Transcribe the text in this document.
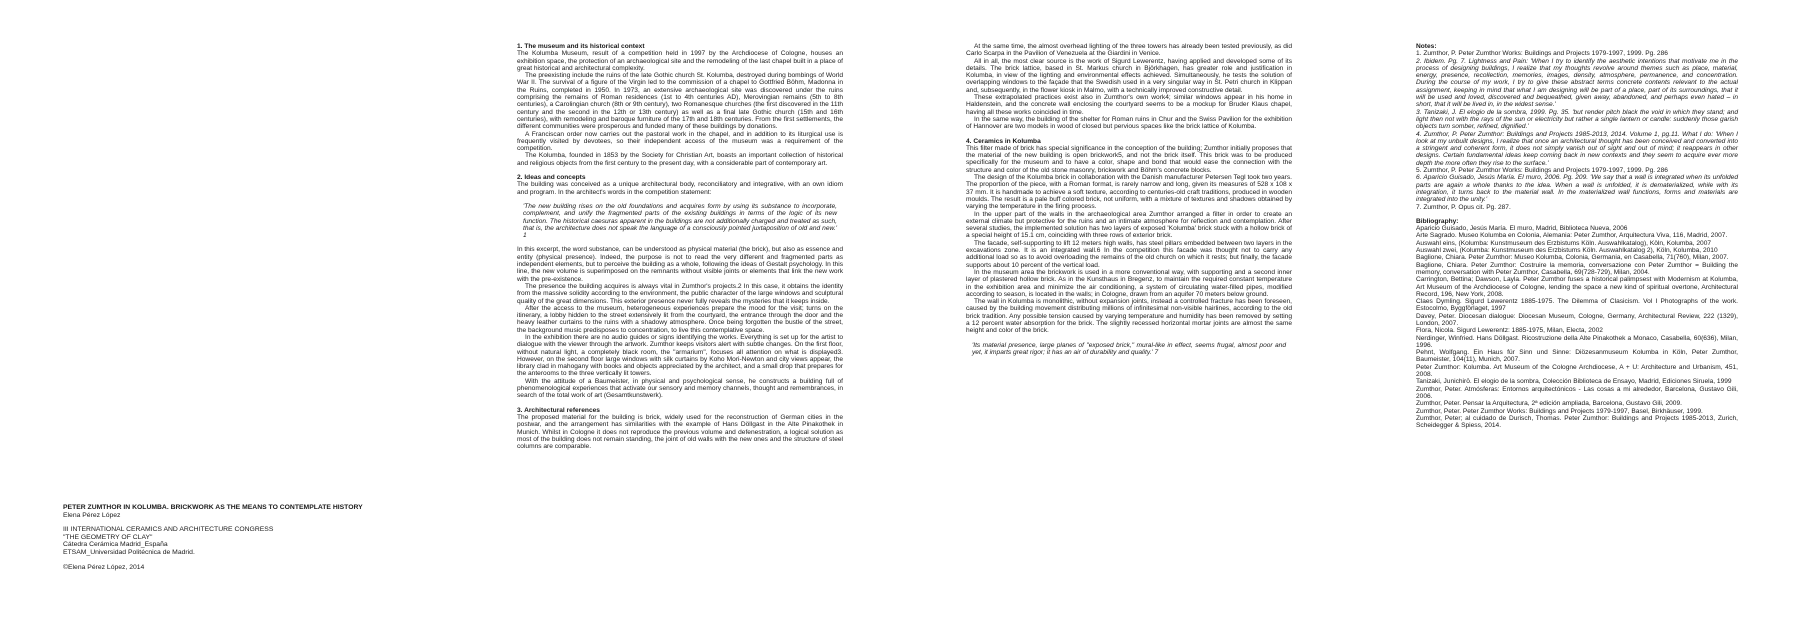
PETER ZUMTHOR IN KOLUMBA. BRICKWORK AS THE MEANS TO CONTEMPLATE HISTORY
Elena Pérez López
III INTERNATIONAL CERAMICS AND ARCHITECTURE CONGRESS
"THE GEOMETRY OF CLAY"
Cátedra Cerámica Madrid_España
ETSAM_Universidad Politécnica de Madrid.
©Elena Pérez López, 2014
1. The museum and its historical context

The Kolumba Museum, result of a competition held in 1997 by the Archdiocese of Cologne, houses an exhibition space, the protection of an archaeological site and the remodeling of the last chapel built in a place of great historical and architectural complexity.

The preexisting include the ruins of the late Gothic church St. Kolumba, destroyed during bombings of World War II. The survival of a figure of the Virgin led to the commission of a chapel to Gottfried Böhm, Madonna in the Ruins, completed in 1950. In 1973, an extensive archaeological site was discovered under the ruins comprising the remains of Roman residences (1st to 4th centuries AD), Merovingian remains (5th to 8th centuries), a Carolingian church (8th or 9th century), two Romanesque churches (the first discovered in the 11th century and the second in the 12th or 13th century) as well as a final late Gothic church (15th and 16th centuries), with remodeling and baroque furniture of the 17th and 18th centuries. From the first settlements, the different communities were prosperous and funded many of these buildings by donations.

A Franciscan order now carries out the pastoral work in the chapel, and in addition to its liturgical use is frequently visited by devotees, so their independent access of the museum was a requirement of the competition.

The Kolumba, founded in 1853 by the Society for Christian Art, boasts an important collection of historical and religious objects from the first century to the present day, with a considerable part of contemporary art.

2. Ideas and concepts

The building was conceived as a unique architectural body, reconciliatory and integrative, with an own idiom and program. In the architect's words in the competition statement:

'The new building rises on the old foundations and acquires form by using its substance to incorporate, complement, and unify the fragmented parts of the existing buildings in terms of the logic of its new function. The historical caesuras apparent in the buildings are not additionally charged and treated as such, that is, the architecture does not speak the language of a consciously pointed juxtaposition of old and new.' 1

In this excerpt, the word substance, can be understood as physical material (the brick), but also as essence and entity (physical presence). Indeed, the purpose is not to read the very different and fragmented parts as independent elements, but to perceive the building as a whole, following the ideas of Gestalt psychology. In this line, the new volume is superimposed on the remnants without visible joints or elements that link the new work with the pre-existence.

The presence the building acquires is always vital in Zumthor's projects.2 In this case, it obtains the identity from the massive solidity according to the environment, the public character of the large windows and sculptural quality of the great dimensions. This exterior presence never fully reveals the mysteries that it keeps inside.

After the access to the museum, heterogeneous experiences prepare the mood for the visit; turns on the itinerary, a lobby hidden to the street extensively lit from the courtyard, the entrance through the door and the heavy leather curtains to the ruins with a shadowy atmosphere. Once being forgotten the bustle of the street, the background music predisposes to concentration, to live this contemplative space.

In the exhibition there are no audio guides or signs identifying the works. Everything is set up for the artist to dialogue with the viewer through the artwork. Zumthor keeps visitors alert with subtle changes. On the first floor, without natural light, a completely black room, the "armarium", focuses all attention on what is displayed3. However, on the second floor large windows with silk curtains by Koho Mori-Newton and city views appear, the library clad in mahogany with books and objects appreciated by the architect, and a small drop that prepares for the anterooms to the three vertically lit towers.

With the attitude of a Baumeister, in physical and psychological sense, he constructs a building full of phenomenological experiences that activate our sensory and memory channels, thought and remembrances, in search of the total work of art (Gesamtkunstwerk).

3. Architectural references

The proposed material for the building is brick, widely used for the reconstruction of German cities in the postwar, and the arrangement has similarities with the example of Hans Döllgast in the Alte Pinakothek in Munich. Whilst in Cologne it does not reproduce the previous volume and defenestration, a logical solution as most of the building does not remain standing, the joint of old walls with the new ones and the structure of steel columns are comparable.

At the same time, the almost overhead lighting of the three towers has already been tested previously, as did Carlo Scarpa in the Pavilion of Venezuela at the Giardini in Venice.

All in all, the most clear source is the work of Sigurd Lewerentz, having applied and developed some of its details. The brick lattice, based in St. Markus church in Björkhagen, has greater role and justification in Kolumba, in view of the lighting and environmental effects achieved. Simultaneously, he tests the solution of overlapping windows to the façade that the Swedish used in a very singular way in St. Petri church in Klippan and, subsequently, in the flower kiosk in Malmo, with a technically improved constructive detail.

These extrapolated practices exist also in Zumthor's own work4; similar windows appear in his home in Haldenstein, and the concrete wall enclosing the courtyard seems to be a mockup for Bruder Klaus chapel, having all these works coincided in time.

In the same way, the building of the shelter for Roman ruins in Chur and the Swiss Pavilion for the exhibition of Hannover are two models in wood of closed but pervious spaces like the brick lattice of Kolumba.

4. Ceramics in Kolumba

This filter made of brick has special significance in the conception of the building; Zumthor initially proposes that the material of the new building is open brickwork5, and not the brick itself. This brick was to be produced specifically for the museum and to have a color, shape and bond that would ease the connection with the structure and color of the old stone masonry, brickwork and Böhm's concrete blocks.

The design of the Kolumba brick in collaboration with the Danish manufacturer Petersen Tegl took two years. The proportion of the piece, with a Roman format, is rarely narrow and long, given its measures of 528 x 108 x 37 mm. It is handmade to achieve a soft texture, according to centuries-old craft traditions, produced in wooden moulds. The result is a pale buff colored brick, not uniform, with a mixture of textures and shadows obtained by varying the temperature in the firing process.

In the upper part of the walls in the archaeological area Zumthor arranged a filter in order to create an external climate but protective for the ruins and an intimate atmosphere for reflection and contemplation. After several studies, the implemented solution has two layers of exposed 'Kolumba' brick stuck with a hollow brick of a special height of 15.1 cm, coinciding with three rows of exterior brick.

The facade, self-supporting to lift 12 meters high walls, has steel pillars embedded between two layers in the excavations zone. It is an integrated wall.6 In the competition this facade was thought not to carry any additional load so as to avoid overloading the remains of the old church on which it rests; but finally, the facade supports about 10 percent of the vertical load.

In the museum area the brickwork is used in a more conventional way, with supporting and a second inner layer of plastered hollow brick. As in the Kunsthaus in Bregenz, to maintain the required constant temperature in the exhibition area and minimize the air conditioning, a system of circulating water-filled pipes, modified according to season, is located in the walls; in Cologne, drawn from an aquifer 70 meters below ground.

The wall in Kolumba is monolithic, without expansion joints, instead a controlled fracture has been foreseen, caused by the building movement distributing millions of infinitesimal non-visible hairlines, according to the old brick tradition. Any possible tension caused by varying temperature and humidity has been removed by setting a 12 percent water absorption for the brick. The slightly recessed horizontal mortar joints are almost the same height and color of the brick.

'Its material presence, large planes of "exposed brick," mural-like in effect, seems frugal, almost poor and yet, it imparts great rigor; it has an air of durability and quality.' 7

Notes:

1. Zumthor, P. Peter Zumthor Works: Buildings and Projects 1979-1997, 1999. Pg. 286

2. Ibidem. Pg. 7. Lightness and Pain: 'When I try to identify the aesthetic intentions that motivate me in the process of designing buildings, I realize that my thoughts revolve around themes such as place, material, energy, presence, recollection, memories, images, density, atmosphere, permanence, and concentration. During the course of my work, I try to give these abstract terms concrete contents relevant to the actual assignment, keeping in mind that what I am designing will be part of a place, part of its surroundings, that it will be used and loved, discovered and bequeathed, given away, abandoned, and perhaps even hated – in short, that it will be lived in, in the widest sense.'

3. Tanizaki, J. El elogio de la sombra, 1999. Pg. 35. 'but render pitch black the void in which they stand; and light then not with the rays of the sun or electricity but rather a single lantern or candle: suddenly those garish objects turn somber, refined, dignified.'

4. Zumthor, P. Peter Zumthor: Buildings and Projects 1985-2013, 2014. Volume 1, pg.11. What I do: 'When I look at my unbuilt designs, I realize that once an architectural thought has been conceived and converted into a stringent and coherent form, it does not simply vanish out of sight and out of mind; it reappears in other designs. Certain fundamental ideas keep coming back in new contexts and they seem to acquire ever more depth the more often they rise to the surface.'

5. Zumthor, P. Peter Zumthor Works: Buildings and Projects 1979-1997, 1999. Pg. 286

6. Aparicio Guisado, Jesús María. El muro, 2006. Pg. 209. 'We say that a wall is integrated when its unfolded parts are again a whole thanks to the idea. When a wall is unfolded, it is dematerialized, while with its integration, it turns back to the material wall. In the materialized wall functions, forms and materials are integrated into the unity.'

7. Zumthor, P. Opus cit. Pg. 287.

Bibliography:

Aparicio Guisado, Jesús María. El muro, Madrid, Biblioteca Nueva, 2006

Arte Sagrado. Museo Kolumba en Colonia, Alemania: Peter Zumthor, Arquitectura Viva, 116, Madrid, 2007.

Auswahl eins, (Kolumba: Kunstmuseum des Erzbistums Köln. Auswahlkatalog), Köln, Kolumba, 2007

Auswahl zwei, (Kolumba: Kunstmuseum des Erzbistums Köln. Auswahlkatalog 2), Köln, Kolumba, 2010

Baglione, Chiara. Peter Zumthor: Museo Kolumba, Colonia, Germania, en Casabella, 71(760), Milan, 2007.

Baglione, Chiara. Peter Zumthor: Costruire la memoria, conversazione con Peter Zumthor = Building the memory, conversation with Peter Zumthor, Casabella, 69(728-729), Milan, 2004.

Carrington, Bettina; Dawson, Layla. Peter Zumthor fuses a historical palimpsest with Modernism at Kolumba, Art Museum of the Archdiocese of Cologne, lending the space a new kind of spiritual overtone, Architectural Record, 196, New York, 2008.

Claes Dymling. Sigurd Lewerentz 1885-1975. The Dilemma of Clasicism. Vol I Photographs of the work. Estocolmo, Byggförlaget, 1997

Davey, Peter. Diocesan dialogue: Diocesan Museum, Cologne, Germany, Architectural Review, 222 (1329), London, 2007.

Flora, Nicola. Sigurd Lewerentz: 1885-1975, Milan, Electa, 2002

Nerdinger, Winfried. Hans Döllgast. Ricostruzione della Alte Pinakothek a Monaco, Casabella, 60(636), Milan, 1996.

Pehnt, Wolfgang. Ein Haus für Sinn und Sinne: Diözesanmuseum Kolumba in Köln, Peter Zumthor, Baumeister, 104(11), Munich, 2007.

Peter Zumthor: Kolumba. Art Museum of the Cologne Archdiocese, A + U: Architecture and Urbanism, 451, 2008.

Tanizaki, Junichirō. El elogio de la sombra, Colección Biblioteca de Ensayo, Madrid, Ediciones Siruela, 1999

Zumthor, Peter. Atmósferas: Entornos arquitectónicos - Las cosas a mi alrededor, Barcelona, Gustavo Gili, 2006.

Zumthor, Peter. Pensar la Arquitectura, 2ª edición ampliada, Barcelona, Gustavo Gili, 2009.

Zumthor, Peter. Peter Zumthor Works: Buildings and Projects 1979-1997, Basel, Birkhäuser, 1999.

Zumthor, Peter; al cuidado de Durisch, Thomas. Peter Zumthor: Buildings and Projects 1985-2013, Zurich, Scheidegger & Spiess, 2014.
